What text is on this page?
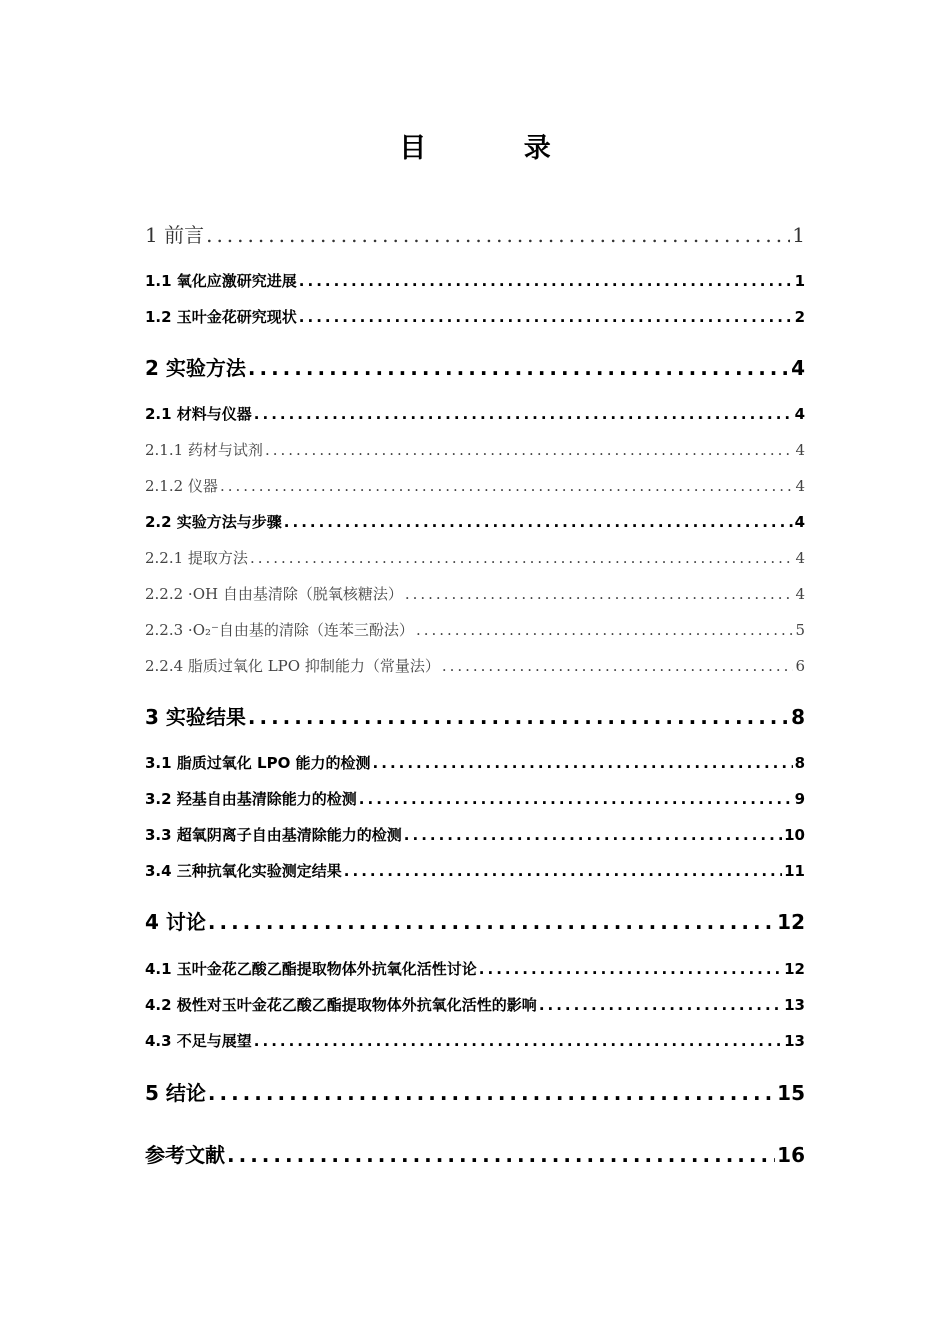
目 录
1 前言 .....	1
1.1 氧化应激研究进展 .....	1
1.2 玉叶金花研究现状 .....	2
2 实验方法 .....	4
2.1 材料与仪器 .....	4
2.1.1 药材与试剂 .....	4
2.1.2 仪器 .....	4
2.2 实验方法与步骤 .....	4
2.2.1 提取方法 .....	4
2.2.2 ·OH 自由基清除（脱氧核糖法） .....	4
2.2.3 ·O₂⁻自由基的清除（连苯三酚法） .....	5
2.2.4 脂质过氧化 LPO 抑制能力（常量法） .....	6
3 实验结果 .....	8
3.1 脂质过氧化 LPO 能力的检测 .....	8
3.2 羟基自由基清除能力的检测 .....	9
3.3 超氧阴离子自由基清除能力的检测 .....	10
3.4 三种抗氧化实验测定结果 .....	11
4 讨论 .....	12
4.1 玉叶金花乙酸乙酯提取物体外抗氧化活性讨论 .....	12
4.2 极性对玉叶金花乙酸乙酯提取物体外抗氧化活性的影响 .....	13
4.3 不足与展望 .....	13
5 结论 .....	15
参考文献 .....	16
